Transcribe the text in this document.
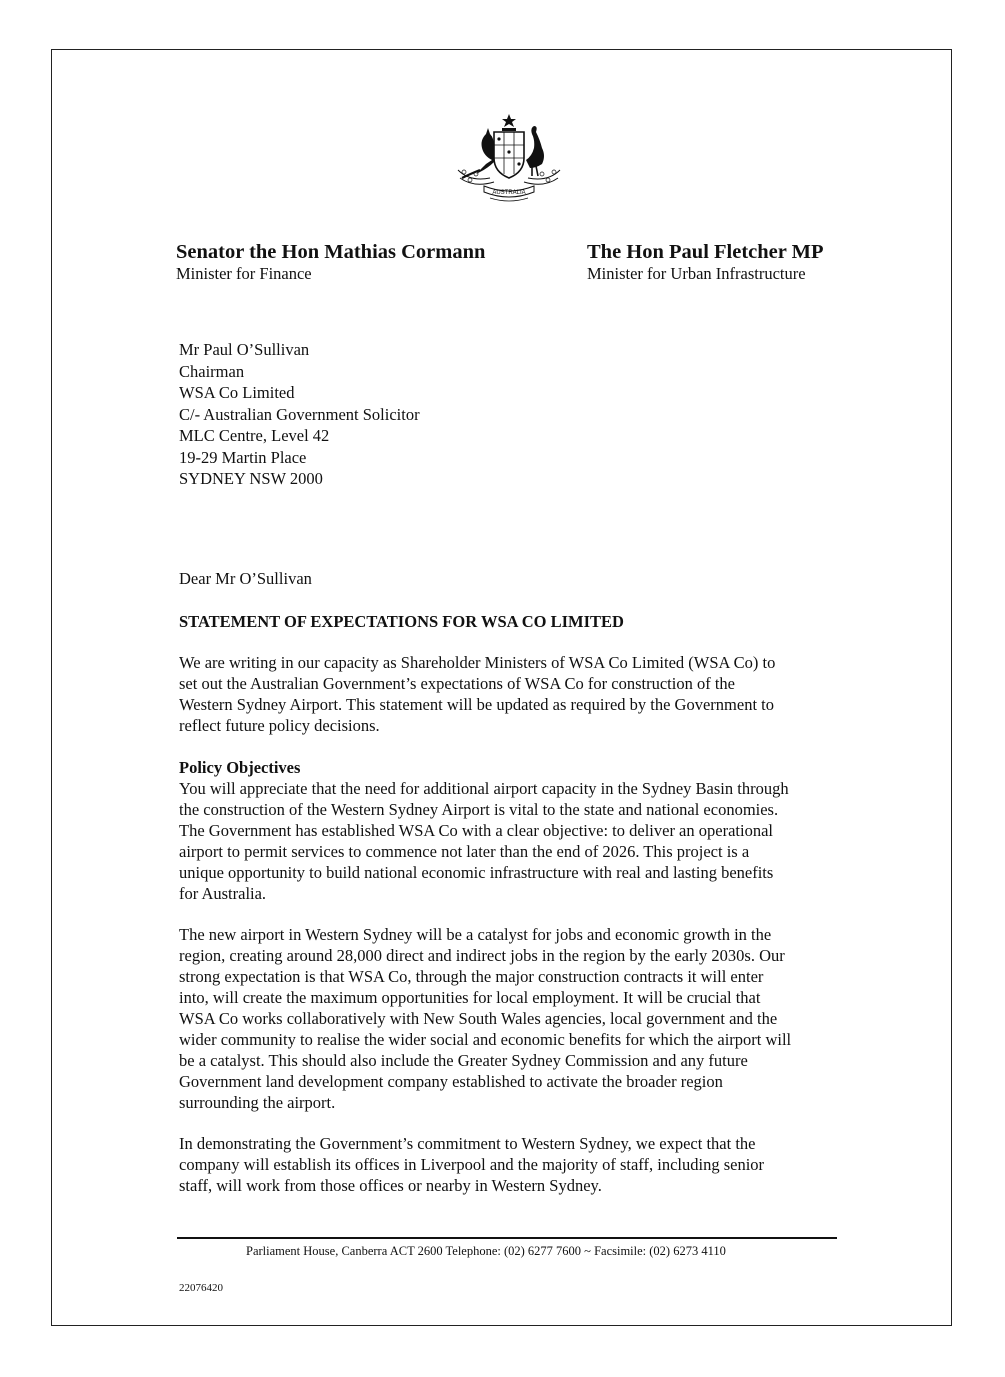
AUSTRALIA
Senator the Hon Mathias Cormann
Minister for Finance
The Hon Paul Fletcher MP
Minister for Urban Infrastructure
Mr Paul O’Sullivan
Chairman
WSA Co Limited
C/- Australian Government Solicitor
MLC Centre, Level 42
19-29 Martin Place
SYDNEY NSW 2000
Dear Mr O’Sullivan
STATEMENT OF EXPECTATIONS FOR WSA CO LIMITED
We are writing in our capacity as Shareholder Ministers of WSA Co Limited (WSA Co) to
set out the Australian Government’s expectations of WSA Co for construction of the
Western Sydney Airport. This statement will be updated as required by the Government to
reflect future policy decisions.
Policy Objectives
You will appreciate that the need for additional airport capacity in the Sydney Basin through
the construction of the Western Sydney Airport is vital to the state and national economies.
The Government has established WSA Co with a clear objective: to deliver an operational
airport to permit services to commence not later than the end of 2026. This project is a
unique opportunity to build national economic infrastructure with real and lasting benefits
for Australia.
The new airport in Western Sydney will be a catalyst for jobs and economic growth in the
region, creating around 28,000 direct and indirect jobs in the region by the early 2030s. Our
strong expectation is that WSA Co, through the major construction contracts it will enter
into, will create the maximum opportunities for local employment. It will be crucial that
WSA Co works collaboratively with New South Wales agencies, local government and the
wider community to realise the wider social and economic benefits for which the airport will
be a catalyst. This should also include the Greater Sydney Commission and any future
Government land development company established to activate the broader region
surrounding the airport.
In demonstrating the Government’s commitment to Western Sydney, we expect that the
company will establish its offices in Liverpool and the majority of staff, including senior
staff, will work from those offices or nearby in Western Sydney.
Parliament House, Canberra ACT 2600 Telephone: (02) 6277 7600 ~ Facsimile: (02) 6273 4110
22076420
